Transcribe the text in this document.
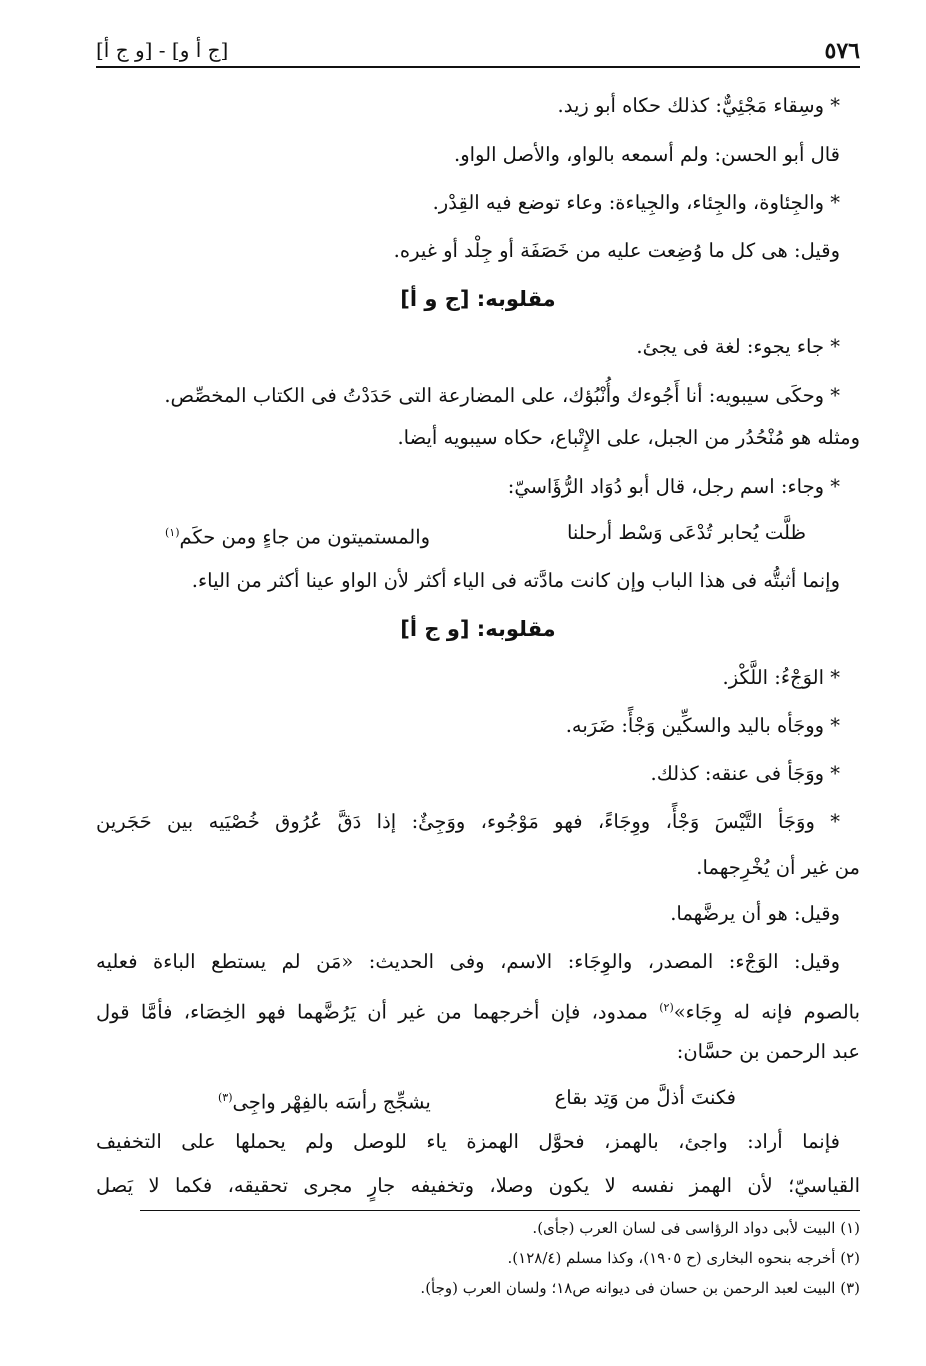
٥٧٦
[ج أ و] - [و ج أ]
* وسِقاء مَجْئِيٌّ: كذلك حكاه أبو زيد.
قال أبو الحسن: ولم أسمعه بالواو، والأصل الواو.
* والجِئاوة، والجِئاء، والجِياءة: وعاء توضع فيه القِدْر.
وقيل: هى كل ما وُضِعت عليه من خَصَفَة أو جِلْد أو غيره.
مقلوبه: [ج و أ]
* جاء يجوء: لغة فى يجئ.
* وحكَى سيبويه: أنا أَجُوءك وأُنْبُؤك، على المضارعة التى حَدَدْتُ فى الكتاب المخصِّص.
ومثله هو مُنْحُدُر من الجبل، على الإِتْباع، حكاه سيبويه أيضا.
* وجاء: اسم رجل، قال أبو دُوَاد الرُّؤَاسيّ:
ظلَّت يُحابر تُدْعَى وَسْط أرحلنا
والمستميتون من جاءٍ ومن حكَم$^{(١)}$
وإنما أثبتُّه فى هذا الباب وإن كانت مادَّته فى الياء أكثر لأن الواو عينا أكثر من الياء.
مقلوبه: [و ج أ]
* الوَجْءُ: اللَّكْز.
* ووجَأه باليد والسكِّين وَجْأً: ضَرَبه.
* ووَجَأ فى عنقه: كذلك.
* ووَجَأ التَّيْسَ وَجْأً، ووِجَاءً، فهو مَوْجُوء، ووَجِئٌ: إذا دَقَّ عُرُوق خُصْيَيه بين حَجَرين
من غير أن يُخْرِجهما.
وقيل: هو أن يرضَّهما.
وقيل: الوَجْء: المصدر، والوِجَاء: الاسم، وفى الحديث: «مَن لم يستطع الباءة فعليه
بالصوم فإنه له وِجَاء»$^{(٢)}$ ممدود، فإن أخرجهما من غير أن يَرُضَّهما فهو الخِصَاء، فأمَّا قول
عبد الرحمن بن حسَّان:
فكنتَ أذلَّ من وَتِد بقاع
يشجِّج رأسَه بالفِهْر واجِى$^{(٣)}$
فإنما أراد: واجئ، بالهمز، فحوَّل الهمزة ياء للوصل ولم يحملها على التخفيف
القياسيّ؛ لأن الهمز نفسه لا يكون وصلا، وتخفيفه جارٍ مجرى تحقيقه، فكما لا يَصل
(١) البيت لأبى دواد الرؤاسى فى لسان العرب (جأى).
(٢) أخرجه بنحوه البخارى (ح ١٩٠٥)، وكذا مسلم (١٢٨/٤).
(٣) البيت لعبد الرحمن بن حسان فى ديوانه ص١٨؛ ولسان العرب (وجأ).
